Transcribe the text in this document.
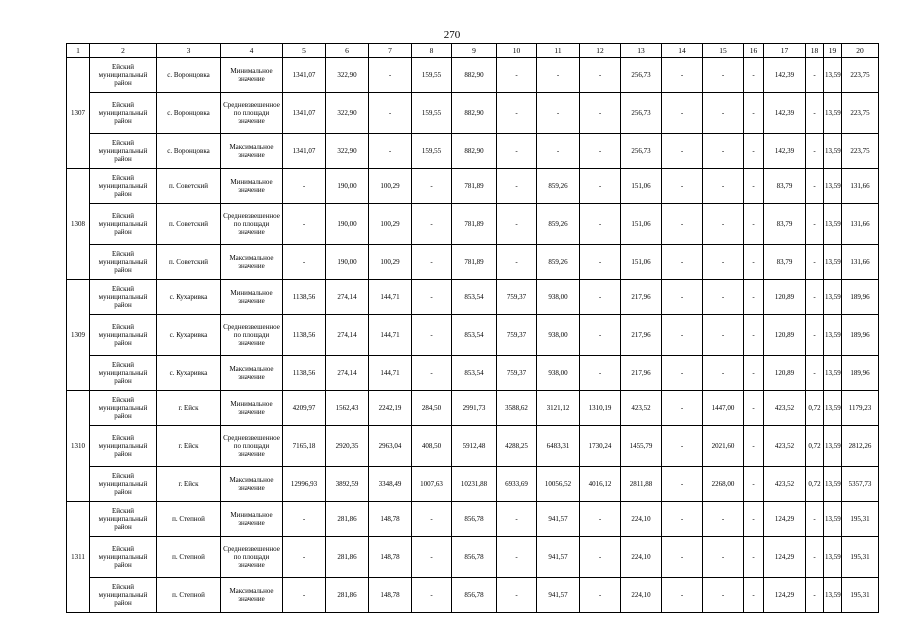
270
1	2	3	4	5	6	7	8	9	10	11	12	13	14	15	16	17	18	19	20
1307	Ейский муниципальный район	с. Воронцовка	Минимальное значение	1341,07	322,90	-	159,55	882,90	-	-	-	256,73	-	-	-	142,39	-	13,59	223,75
	Ейский муниципальный район	с. Воронцовка	Средневзвешенное по площади значение	1341,07	322,90	-	159,55	882,90	-	-	-	256,73	-	-	-	142,39	-	13,59	223,75
	Ейский муниципальный район	с. Воронцовка	Максимальное значение	1341,07	322,90	-	159,55	882,90	-	-	-	256,73	-	-	-	142,39	-	13,59	223,75
1308	Ейский муниципальный район	п. Советский	Минимальное значение	-	190,00	100,29	-	781,89	-	859,26	-	151,06	-	-	-	83,79	-	13,59	131,66
	Ейский муниципальный район	п. Советский	Средневзвешенное по площади значение	-	190,00	100,29	-	781,89	-	859,26	-	151,06	-	-	-	83,79	-	13,59	131,66
	Ейский муниципальный район	п. Советский	Максимальное значение	-	190,00	100,29	-	781,89	-	859,26	-	151,06	-	-	-	83,79	-	13,59	131,66
1309	Ейский муниципальный район	с. Кухаривка	Минимальное значение	1138,56	274,14	144,71	-	853,54	759,37	938,00	-	217,96	-	-	-	120,89	-	13,59	189,96
	Ейский муниципальный район	с. Кухаривка	Средневзвешенное по площади значение	1138,56	274,14	144,71	-	853,54	759,37	938,00	-	217,96	-	-	-	120,89	-	13,59	189,96
	Ейский муниципальный район	с. Кухаривка	Максимальное значение	1138,56	274,14	144,71	-	853,54	759,37	938,00	-	217,96	-	-	-	120,89	-	13,59	189,96
1310	Ейский муниципальный район	г. Ейск	Минимальное значение	4209,97	1562,43	2242,19	284,50	2991,73	3588,62	3121,12	1310,19	423,52	-	1447,00	-	423,52	0,72	13,59	1179,23
	Ейский муниципальный район	г. Ейск	Средневзвешенное по площади значение	7165,18	2920,35	2963,04	408,50	5912,48	4288,25	6483,31	1730,24	1455,79	-	2021,60	-	423,52	0,72	13,59	2812,26
	Ейский муниципальный район	г. Ейск	Максимальное значение	12996,93	3892,59	3348,49	1007,63	10231,88	6933,69	10056,52	4016,12	2811,88	-	2268,00	-	423,52	0,72	13,59	5357,73
1311	Ейский муниципальный район	п. Степной	Минимальное значение	-	281,86	148,78	-	856,78	-	941,57	-	224,10	-	-	-	124,29	-	13,59	195,31
	Ейский муниципальный район	п. Степной	Средневзвешенное по площади значение	-	281,86	148,78	-	856,78	-	941,57	-	224,10	-	-	-	124,29	-	13,59	195,31
	Ейский муниципальный район	п. Степной	Максимальное значение	-	281,86	148,78	-	856,78	-	941,57	-	224,10	-	-	-	124,29	-	13,59	195,31
